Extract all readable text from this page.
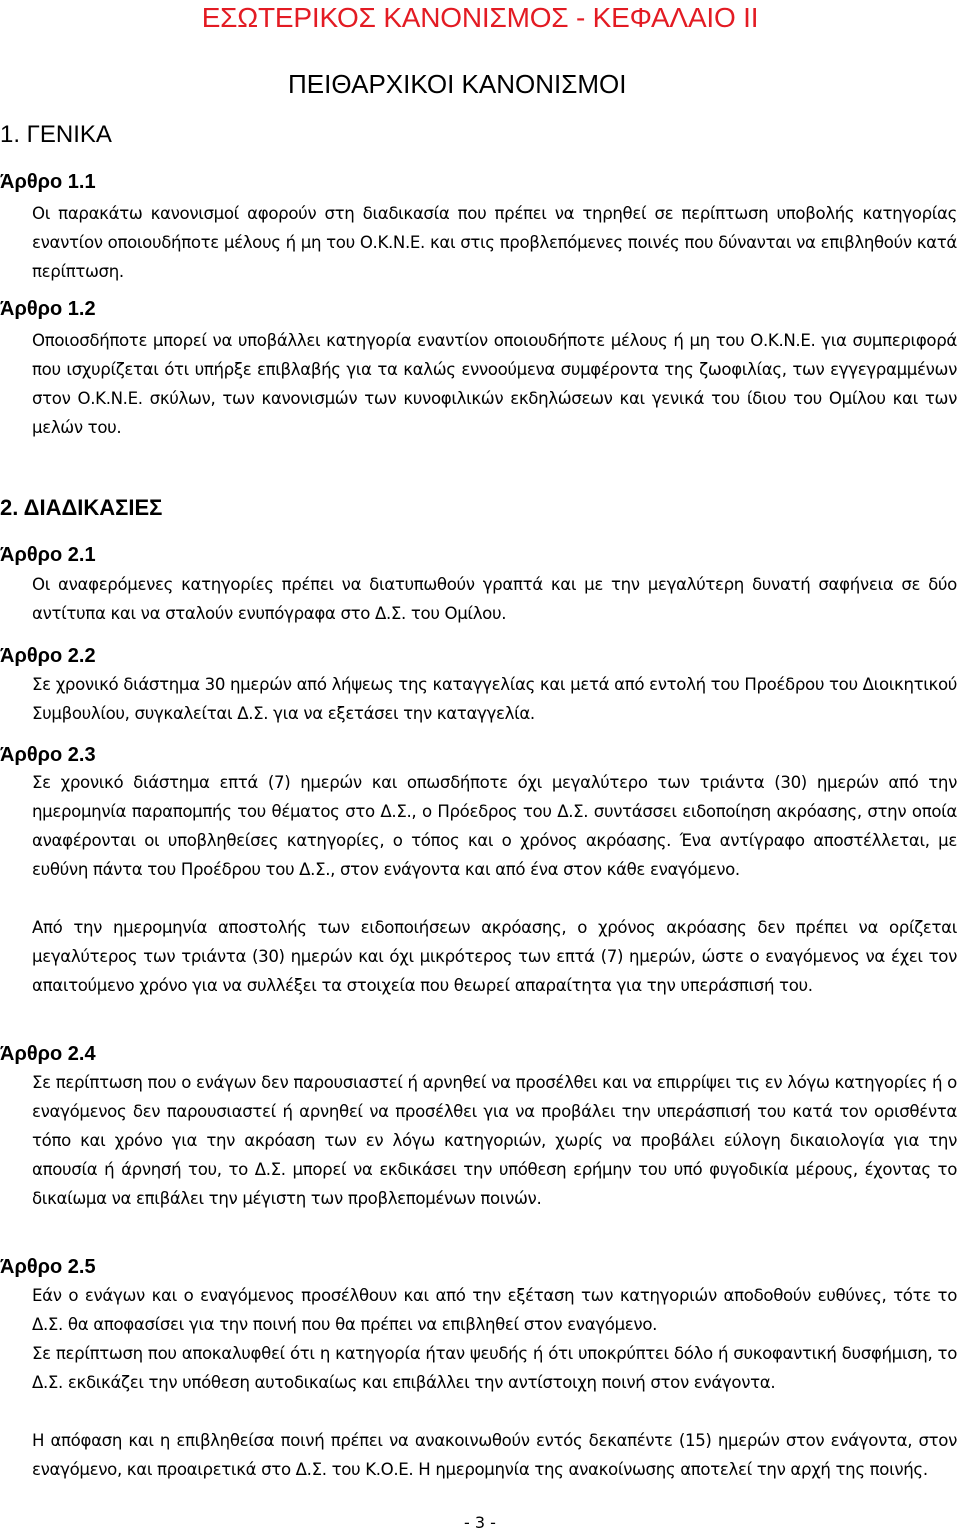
ΕΣΩΤΕΡΙΚΟΣ ΚΑΝΟΝΙΣΜΟΣ - ΚΕΦΑΛΑΙΟ ΙΙ
ΠΕΙΘΑΡΧΙΚΟΙ ΚΑΝΟΝΙΣΜΟΙ
1. ΓΕΝΙΚΑ
Άρθρο 1.1

Οι παρακάτω κανονισμοί αφορούν στη διαδικασία που πρέπει να τηρηθεί σε περίπτωση υποβολής κατηγορίας εναντίον οποιουδήποτε μέλους ή μη του Ο.Κ.Ν.Ε. και στις προβλεπόμενες ποινές που δύνανται να επιβληθούν κατά περίπτωση.

Άρθρο 1.2

Οποιοσδήποτε μπορεί να υποβάλλει κατηγορία εναντίον οποιουδήποτε μέλους ή μη του Ο.Κ.Ν.Ε. για συμπεριφορά που ισχυρίζεται ότι υπήρξε επιβλαβής για τα καλώς εννοούμενα συμφέροντα της ζωοφιλίας, των εγγεγραμμένων στον Ο.Κ.Ν.Ε. σκύλων, των κανονισμών των κυνοφιλικών εκδηλώσεων και γενικά του ίδιου του Ομίλου και των μελών του.

2. ΔΙΑΔΙΚΑΣΙΕΣ
Άρθρο 2.1

Οι αναφερόμενες κατηγορίες πρέπει να διατυπωθούν γραπτά και με την μεγαλύτερη δυνατή σαφήνεια σε δύο αντίτυπα και να σταλούν ενυπόγραφα στο Δ.Σ. του Ομίλου.

Άρθρο 2.2

Σε χρονικό διάστημα 30 ημερών από λήψεως της καταγγελίας και μετά από εντολή του Προέδρου του Διοικητικού Συμβουλίου, συγκαλείται Δ.Σ. για να εξετάσει την καταγγελία.

Άρθρο 2.3

Σε χρονικό διάστημα επτά (7) ημερών και οπωσδήποτε όχι μεγαλύτερο των τριάντα (30) ημερών από την ημερομηνία παραπομπής του θέματος στο Δ.Σ., ο Πρόεδρος του Δ.Σ. συντάσσει ειδοποίηση ακρόασης, στην οποία αναφέρονται οι υποβληθείσες κατηγορίες, ο τόπος και ο χρόνος ακρόασης. Ένα αντίγραφο αποστέλλεται, με ευθύνη πάντα του Προέδρου του Δ.Σ., στον ενάγοντα και από ένα στον κάθε εναγόμενο.

Από την ημερομηνία αποστολής των ειδοποιήσεων ακρόασης, ο χρόνος ακρόασης δεν πρέπει να ορίζεται μεγαλύτερος των τριάντα (30) ημερών και όχι μικρότερος των επτά (7) ημερών, ώστε ο εναγόμενος να έχει τον απαιτούμενο χρόνο για να συλλέξει τα στοιχεία που θεωρεί απαραίτητα για την υπεράσπισή του.

Άρθρο 2.4

Σε περίπτωση που ο ενάγων δεν παρουσιαστεί ή αρνηθεί να προσέλθει και να επιρρίψει τις εν λόγω κατηγορίες ή ο εναγόμενος δεν παρουσιαστεί ή αρνηθεί να προσέλθει για να προβάλει την υπεράσπισή του κατά τον ορισθέντα τόπο και χρόνο για την ακρόαση των εν λόγω κατηγοριών, χωρίς να προβάλει εύλογη δικαιολογία για την απουσία ή άρνησή του, το Δ.Σ. μπορεί να εκδικάσει την υπόθεση ερήμην του υπό φυγοδικία μέρους, έχοντας το δικαίωμα να επιβάλει την μέγιστη των προβλεπομένων ποινών.

Άρθρο 2.5

Εάν ο ενάγων και ο εναγόμενος προσέλθουν και από την εξέταση των κατηγοριών αποδοθούν ευθύνες, τότε το Δ.Σ. θα αποφασίσει για την ποινή που θα πρέπει να επιβληθεί στον εναγόμενο.

Σε περίπτωση που αποκαλυφθεί ότι η κατηγορία ήταν ψευδής ή ότι υποκρύπτει δόλο ή συκοφαντική δυσφήμιση, το Δ.Σ. εκδικάζει την υπόθεση αυτοδικαίως και επιβάλλει την αντίστοιχη ποινή στον ενάγοντα.

Η απόφαση και η επιβληθείσα ποινή πρέπει να ανακοινωθούν εντός δεκαπέντε (15) ημερών στον ενάγοντα, στον εναγόμενο, και προαιρετικά στο Δ.Σ. του Κ.Ο.Ε. Η ημερομηνία της ανακοίνωσης αποτελεί την αρχή της ποινής.

- 3 -
